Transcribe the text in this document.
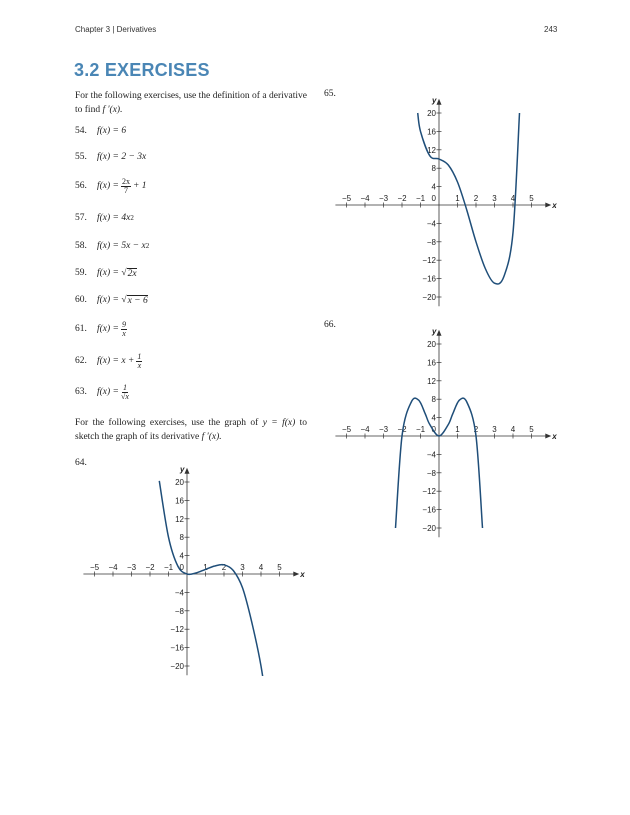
Chapter 3 | Derivatives	243
3.2 EXERCISES
For the following exercises, use the definition of a derivative to find f ′(x).
54.	f(x) = 6
55.	f(x) = 2 − 3x
56.	$f(x) = \frac{2x}{7} + 1$
57.	f(x) = 4x 2
58.	f(x) = 5x − x 2
59.	f(x) = √ 2x
60.	f(x) = √ x − 6
61.	$f(x) = \frac{9}{x}$
62.	$f(x) = x + \frac{1}{x}$
63.	$f(x) = \frac{1}{√x}$
For the following exercises, use the graph of y = f(x) to sketch the graph of its derivative f ′(x).
64.
65.
66.
−5 −4 −3 −2 −1	1 2 3 4 5
20
16
12
8
4
−4
−8
−12
−16
−20
0
x
y
−5 −4 −3 −2 −1	1 2 3 4 5
20
16
12
8
4
−4
−8
−12
−16
−20
0
x
y
−5 −4 −3 −2 −1	1 2 3 4 5
20
16
12
8
4
−4
−8
−12
−16
−20
0
x
y
